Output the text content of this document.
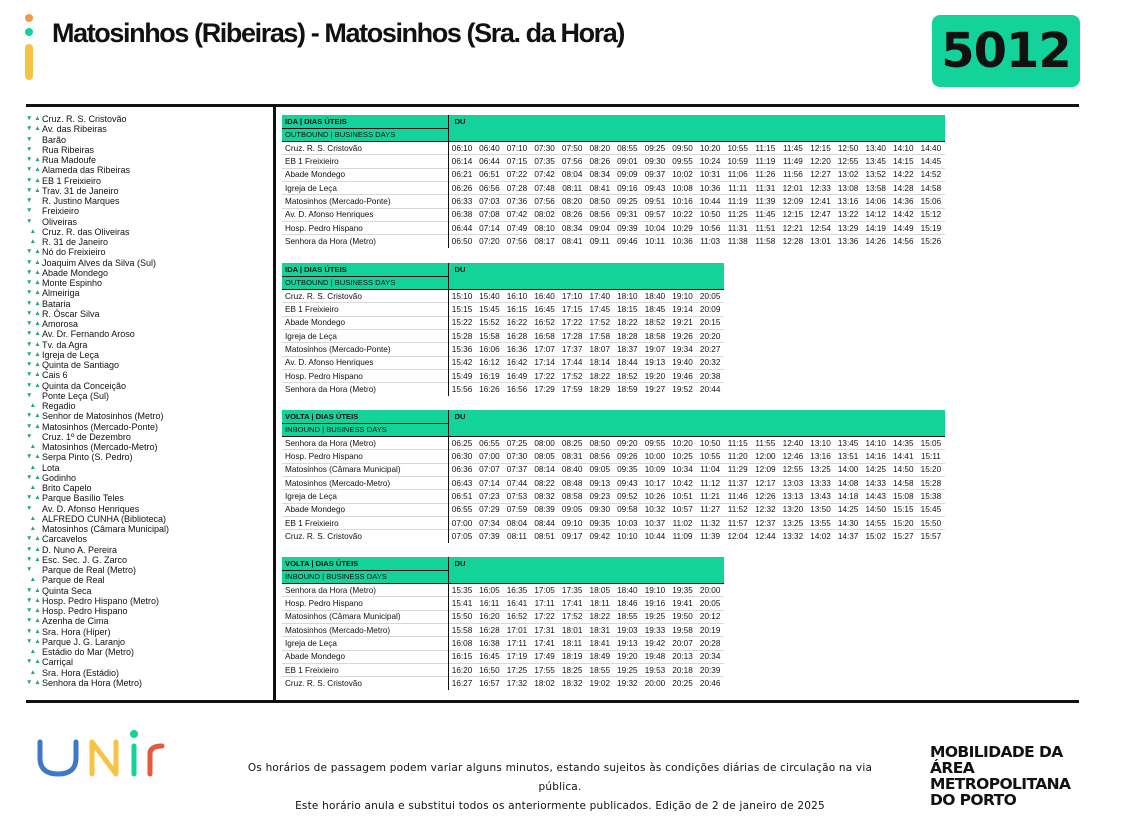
Matosinhos (Ribeiras) - Matosinhos (Sra. da Hora)	5012
▼ ▲ Cruz. R. S. Cristovão
▼ ▲ Av. das Ribeiras
▼	Barão
▼	Rua Ribeiras
▼ ▲ Rua Madoufe
▼ ▲ Alameda das Ribeiras
▼ ▲ EB 1 Freixieiro
▼ ▲ Trav. 31 de Janeiro
▼	R. Justino Marques
▼	Freixieiro
▼	Oliveiras
▲ Cruz. R. das Oliveiras
▲ R. 31 de Janeiro
▼ ▲ Nó do Freixieiro
▼ ▲ Joaquim Alves da Silva (Sul)
▼ ▲ Abade Mondego
▼ ▲ Monte Espinho
▼ ▲ Almeiriga
▼ ▲ Bataria
▼ ▲ R. Óscar Silva
▼ ▲ Amorosa
▼ ▲ Av. Dr. Fernando Aroso
▼ ▲ Tv. da Agra
▼ ▲ Igreja de Leça
▼ ▲ Quinta de Santiago
▼ ▲ Cais 6
▼ ▲ Quinta da Conceição
▼	Ponte Leça (Sul)
▲ Regadio
▼ ▲ Senhor de Matosinhos (Metro)
▼ ▲ Matosinhos (Mercado-Ponte)
▼	Cruz. 1º de Dezembro
▲ Matosinhos (Mercado-Metro)
▼ ▲ Serpa Pinto (S. Pedro)
▲ Lota
▼ ▲ Godinho
▲ Brito Capelo
▼ ▲ Parque Basílio Teles
▼	Av. D. Afonso Henriques
▲ ALFREDO CUNHA (Biblioteca)
▲ Matosinhos (Câmara Municipal)
▼ ▲ Carcavelos
▼ ▲ D. Nuno A. Pereira
▼ ▲ Esc. Sec. J. G. Zarco
▼	Parque de Real (Metro)
▲ Parque de Real
▼ ▲ Quinta Seca
▼ ▲ Hosp. Pedro Hispano (Metro)
▼ ▲ Hosp. Pedro Hispano
▼ ▲ Azenha de Cima
▼ ▲ Sra. Hora (Hiper)
▼ ▲ Parque J. G. Laranjo
▲ Estádio do Mar (Metro)
▼ ▲ Carriçal
▲ Sra. Hora (Estádio)
▼ ▲ Senhora da Hora (Metro)
IDA | DIAS ÚTEIS	DU																	
OUTBOUND | BUSINESS DAYS																		
Cruz. R. S. Cristovão	06:10	06:40	07:10	07:30	07:50	08:20	08:55	09:25	09:50	10:20	10:55	11:15	11:45	12:15	12:50	13:40	14:10	14:40
EB 1 Freixieiro	06:14	06:44	07:15	07:35	07:56	08:26	09:01	09:30	09:55	10:24	10:59	11:19	11:49	12:20	12:55	13:45	14:15	14:45
Abade Mondego	06:21	06:51	07:22	07:42	08:04	08:34	09:09	09:37	10:02	10:31	11:06	11:26	11:56	12:27	13:02	13:52	14:22	14:52
Igreja de Leça	06:26	06:56	07:28	07:48	08:11	08:41	09:16	09:43	10:08	10:36	11:11	11:31	12:01	12:33	13:08	13:58	14:28	14:58
Matosinhos (Mercado-Ponte)	06:33	07:03	07:36	07:56	08:20	08:50	09:25	09:51	10:16	10:44	11:19	11:39	12:09	12:41	13:16	14:06	14:36	15:06
Av. D. Afonso Henriques	06:38	07:08	07:42	08:02	08:26	08:56	09:31	09:57	10:22	10:50	11:25	11:45	12:15	12:47	13:22	14:12	14:42	15:12
Hosp. Pedro Hispano	06:44	07:14	07:49	08:10	08:34	09:04	09:39	10:04	10:29	10:56	11:31	11:51	12:21	12:54	13:29	14:19	14:49	15:19
Senhora da Hora (Metro)	06:50	07:20	07:56	08:17	08:41	09:11	09:46	10:11	10:36	11:03	11:38	11:58	12:28	13:01	13:36	14:26	14:56	15:26
IDA | DIAS ÚTEIS	DU									
OUTBOUND | BUSINESS DAYS										
Cruz. R. S. Cristovão	15:10	15:40	16:10	16:40	17:10	17:40	18:10	18:40	19:10	20:05
EB 1 Freixieiro	15:15	15:45	16:15	16:45	17:15	17:45	18:15	18:45	19:14	20:09
Abade Mondego	15:22	15:52	16:22	16:52	17:22	17:52	18:22	18:52	19:21	20:15
Igreja de Leça	15:28	15:58	16:28	16:58	17:28	17:58	18:28	18:58	19:26	20:20
Matosinhos (Mercado-Ponte)	15:36	16:06	16:36	17:07	17:37	18:07	18:37	19:07	19:34	20:27
Av. D. Afonso Henriques	15:42	16:12	16:42	17:14	17:44	18:14	18:44	19:13	19:40	20:32
Hosp. Pedro Hispano	15:49	16:19	16:49	17:22	17:52	18:22	18:52	19:20	19:46	20:38
Senhora da Hora (Metro)	15:56	16:26	16:56	17:29	17:59	18:29	18:59	19:27	19:52	20:44
VOLTA | DIAS ÚTEIS	DU																	
INBOUND | BUSINESS DAYS																		
Senhora da Hora (Metro)	06:25	06:55	07:25	08:00	08:25	08:50	09:20	09:55	10:20	10:50	11:15	11:55	12:40	13:10	13:45	14:10	14:35	15:05
Hosp. Pedro Hispano	06:30	07:00	07:30	08:05	08:31	08:56	09:26	10:00	10:25	10:55	11:20	12:00	12:46	13:16	13:51	14:16	14:41	15:11
Matosinhos (Câmara Municipal)	06:36	07:07	07:37	08:14	08:40	09:05	09:35	10:09	10:34	11:04	11:29	12:09	12:55	13:25	14:00	14:25	14:50	15:20
Matosinhos (Mercado-Metro)	06:43	07:14	07:44	08:22	08:48	09:13	09:43	10:17	10:42	11:12	11:37	12:17	13:03	13:33	14:08	14:33	14:58	15:28
Igreja de Leça	06:51	07:23	07:53	08:32	08:58	09:23	09:52	10:26	10:51	11:21	11:46	12:26	13:13	13:43	14:18	14:43	15:08	15:38
Abade Mondego	06:55	07:29	07:59	08:39	09:05	09:30	09:58	10:32	10:57	11:27	11:52	12:32	13:20	13:50	14:25	14:50	15:15	15:45
EB 1 Freixieiro	07:00	07:34	08:04	08:44	09:10	09:35	10:03	10:37	11:02	11:32	11:57	12:37	13:25	13:55	14:30	14:55	15:20	15:50
Cruz. R. S. Cristovão	07:05	07:39	08:11	08:51	09:17	09:42	10:10	10:44	11:09	11:39	12:04	12:44	13:32	14:02	14:37	15:02	15:27	15:57
VOLTA | DIAS ÚTEIS	DU									
INBOUND | BUSINESS DAYS										
Senhora da Hora (Metro)	15:35	16:05	16:35	17:05	17:35	18:05	18:40	19:10	19:35	20:00
Hosp. Pedro Hispano	15:41	16:11	16:41	17:11	17:41	18:11	18:46	19:16	19:41	20:05
Matosinhos (Câmara Municipal)	15:50	16:20	16:52	17:22	17:52	18:22	18:55	19:25	19:50	20:12
Matosinhos (Mercado-Metro)	15:58	16:28	17:01	17:31	18:01	18:31	19:03	19:33	19:58	20:19
Igreja de Leça	16:08	16:38	17:11	17:41	18:11	18:41	19:13	19:42	20:07	20:28
Abade Mondego	16:15	16:45	17:19	17:49	18:19	18:49	19:20	19:48	20:13	20:34
EB 1 Freixieiro	16:20	16:50	17:25	17:55	18:25	18:55	19:25	19:53	20:18	20:39
Cruz. R. S. Cristovão	16:27	16:57	17:32	18:02	18:32	19:02	19:32	20:00	20:25	20:46
Os horários de passagem podem variar alguns minutos, estando sujeitos às condições diárias de circulação na via pública.
Este horário anula e substitui todos os anteriormente publicados. Edição de 2 de janeiro de 2025
MOBILIDADE DA ÁREA
METROPOLITANA DO PORTO
